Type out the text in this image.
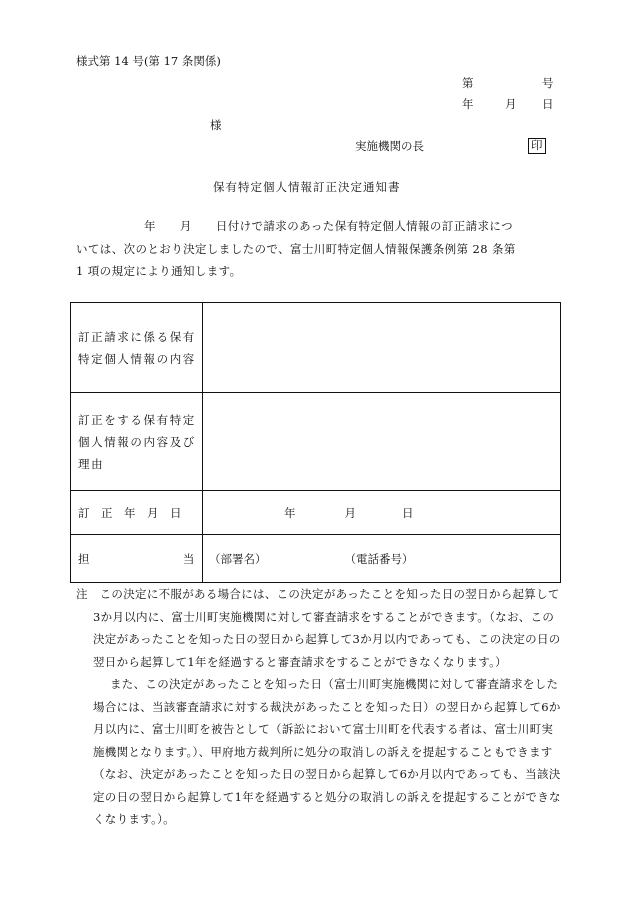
様式第 14 号(第 17 条関係)
第	号
年	月 日
様
実施機関の長	印
保有特定個人情報訂正決定通知書
年 月 日付けで請求のあった保有特定個人情報の訂正請求につ
いては、次のとおり決定しましたので、富士川町特定個人情報保護条例第 28 条第
1 項の規定により通知します。
訂正請求に係る保有特定個人情報の内容	
訂正をする保有特定個人情報の内容及び理由	
訂　正　年　月　日	年 月 日
担 当	（部署名） （電話番号）
注　 この決定に不服がある場合には、この決定があったことを知った日の翌日から起算して3か月以内に、富士川町実施機関に対して審査請求をすることができます。（なお、この決定があったことを知った日の翌日から起算して3か月以内であっても、この決定の日の翌日から起算して1年を経過すると審査請求をすることができなくなります。）
また、この決定があったことを知った日（富士川町実施機関に対して審査請求をした場合には、当該審査請求に対する裁決があったことを知った日）の翌日から起算して6か月以内に、富士川町を被告として（訴訟において富士川町を代表する者は、富士川町実施機関となります。）、甲府地方裁判所に処分の取消しの訴えを提起することもできます（なお、決定があったことを知った日の翌日から起算して6か月以内であっても、当該決定の日の翌日から起算して1年を経過すると処分の取消しの訴えを提起することができなくなります。）。
